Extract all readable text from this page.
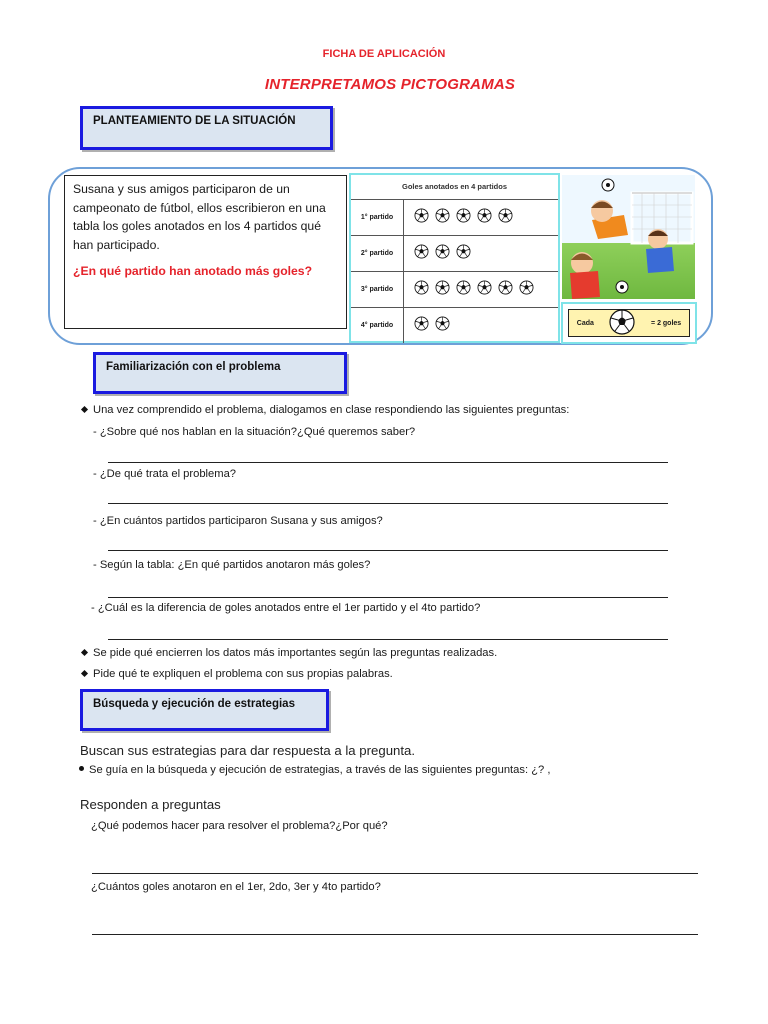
FICHA DE APLICACIÓN
INTERPRETAMOS PICTOGRAMAS
PLANTEAMIENTO DE LA SITUACIÓN
Susana y sus amigos participaron de un campeonato de fútbol, ellos escribieron en una tabla los goles anotados en los 4 partidos qué han participado.
¿En qué partido han anotado más goles?
Goles anotados en 4 partidos
1° partido
2° partido
3° partido
4° partido	Cada	= 2 goles
Familiarización con el problema
Una vez comprendido el problema, dialogamos en clase respondiendo las siguientes preguntas:
- ¿Sobre qué nos hablan en la situación?¿Qué queremos saber?
- ¿De qué trata el problema?
- ¿En cuántos partidos participaron Susana y sus amigos?
- Según la tabla: ¿En qué partidos anotaron más goles?
- ¿Cuál es la diferencia de goles anotados entre el 1er partido y el 4to partido?
Se pide qué encierren los datos más importantes según las preguntas realizadas.
Pide qué te expliquen el problema con sus propias palabras.
Búsqueda y ejecución de estrategias
Buscan sus estrategias para dar respuesta a la pregunta.
Se guía en la búsqueda y ejecución de estrategias, a través de las siguientes preguntas: ¿? ,
Responden a preguntas
¿Qué podemos hacer para resolver el problema?¿Por qué?
¿Cuántos goles anotaron en el 1er, 2do, 3er y 4to partido?
